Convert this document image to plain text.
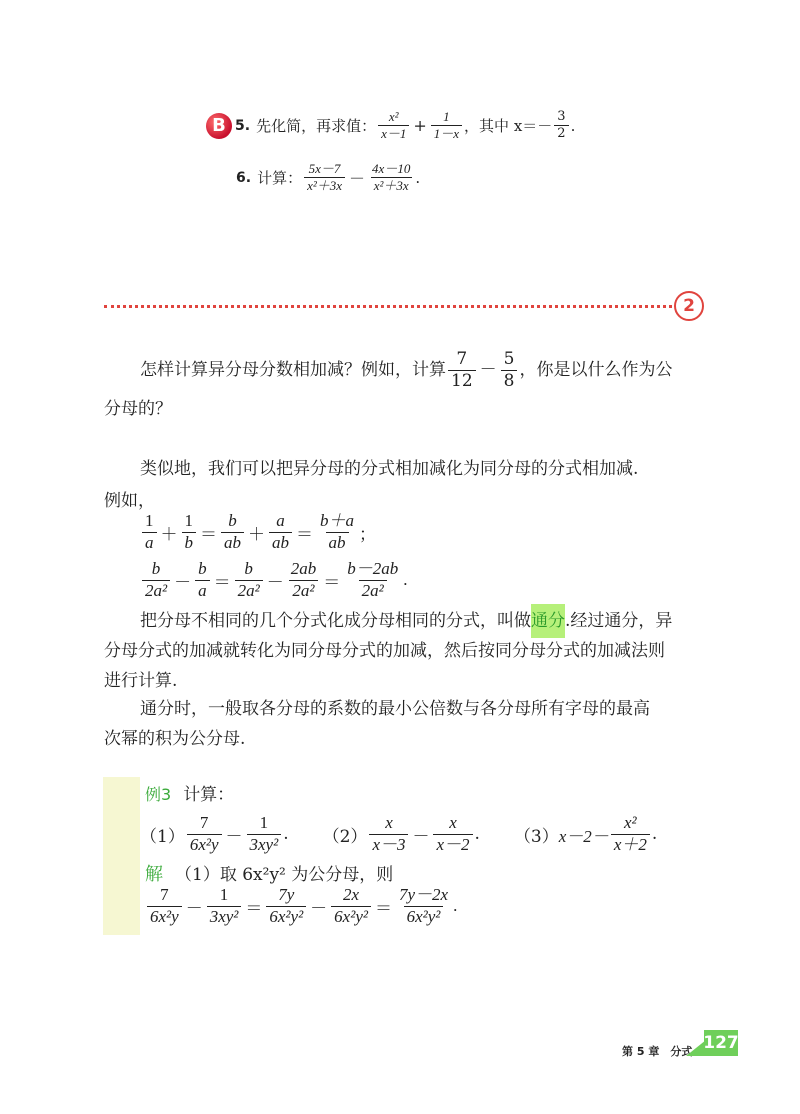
B 5. 先化简，再求值： $\frac{\text{x²}}{x-1} + \frac{1}{1-x}$ ，其中 $x=- \frac{3}{2}$ .
6. 计算： $\frac{5x-7}{\text{x²＋3x}} - \frac{4x-10}{\text{x²＋3x}}$ .
2
怎样计算异分母分数相加减？例如，计算 $\frac{7}{12} - \frac{5}{8}$ ，你是以什么作为公
分母的？
类似地，我们可以把异分母的分式相加减化为同分母的分式相加减.
例如，
$\frac{1}{a} + \frac{1}{b} = \frac{b}{ab} + \frac{a}{ab} = \frac{b+a}{ab}$ ；
$\frac{b}{\text{2a²}} - \frac{b}{a} = \frac{b}{\text{2a²}} - \frac{2ab}{\text{2a²}} = \frac{b-2ab}{\text{2a²}}$ .
把分母不相同的几个分式化成分母相同的分式，叫做 通分 .经过通分，异
分母分式的加减就转化为同分母分式的加减，然后按同分母分式的加减法则
进行计算.
通分时，一般取各分母的系数的最小公倍数与各分母所有字母的最高
次幂的积为公分母.
例3 计算：
$(1) \frac{7}{\text{6x²y}} - \frac{1}{\text{3xy²}}$ . $(2) \frac{x}{x-3} - \frac{x}{x-2}$ . （3） $x-2- \frac{\text{x²}}{x+2}$ .
解 （1）取 6x²y² 为公分母，则
$\frac{7}{\text{6x²y}} - \frac{1}{\text{3xy²}} = \frac{7y}{\text{6x²y²}} - \frac{2x}{\text{6x²y²}} = \frac{7y-2x}{\text{6x²y²}}$ .
第 5 章　分式 127
